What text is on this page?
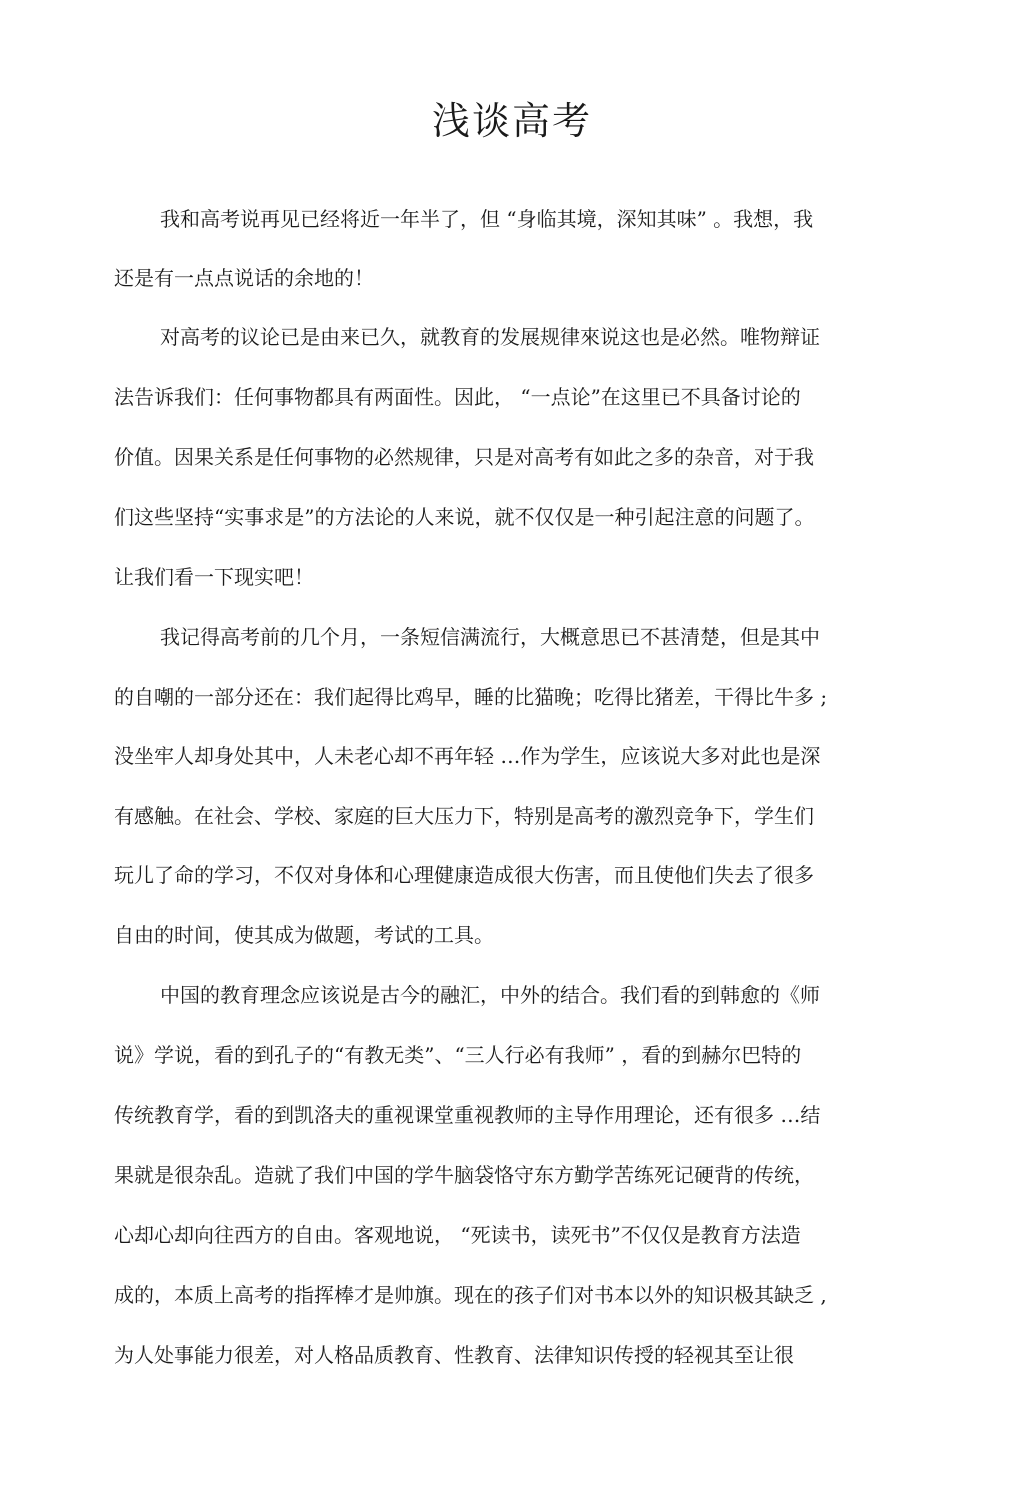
浅谈高考
我和高考说再见已经将近一年半了，但 “身临其境，深知其味” 。我想，我
还是有一点点说话的余地的！
对高考的议论已是由来已久，就教育的发展规律來说这也是必然。唯物辩证
法告诉我们：任何事物都具有两面性。因此， “一点论”在这里已不具备讨论的
价值。因果关系是任何事物的必然规律，只是对高考有如此之多的杂音，对于我
们这些坚持“实事求是”的方法论的人来说，就不仅仅是一种引起注意的问题了。
让我们看一下现实吧！
我记得高考前的几个月，一条短信满流行，大概意思已不甚清楚，但是其中
的自嘲的一部分还在：我们起得比鸡早，睡的比猫晚；吃得比猪差，干得比牛多 ;
没坐牢人却身处其中，人未老心却不再年轻 …作为学生，应该说大多对此也是深
有感触。在社会、学校、家庭的巨大压力下，特别是高考的激烈竞争下，学生们
玩儿了命的学习，不仅对身体和心理健康造成很大伤害，而且使他们失去了很多
自由的时间，使其成为做题，考试的工具。
中国的教育理念应该说是古今的融汇，中外的结合。我们看的到韩愈的《师
说》学说，看的到孔子的“有教无类”、“三人行必有我师” ，看的到赫尔巴特的
传统教育学，看的到凯洛夫的重视课堂重视教师的主导作用理论，还有很多 …结
果就是很杂乱。造就了我们中国的学牛脑袋恪守东方勤学苦练死记硬背的传统，
心却心却向往西方的自由。客观地说， “死读书，读死书”不仅仅是教育方法造
成的，本质上高考的指挥棒才是帅旗。现在的孩子们对书本以外的知识极其缺乏 ,
为人处事能力很差，对人格品质教育、性教育、法律知识传授的轻视其至让很
